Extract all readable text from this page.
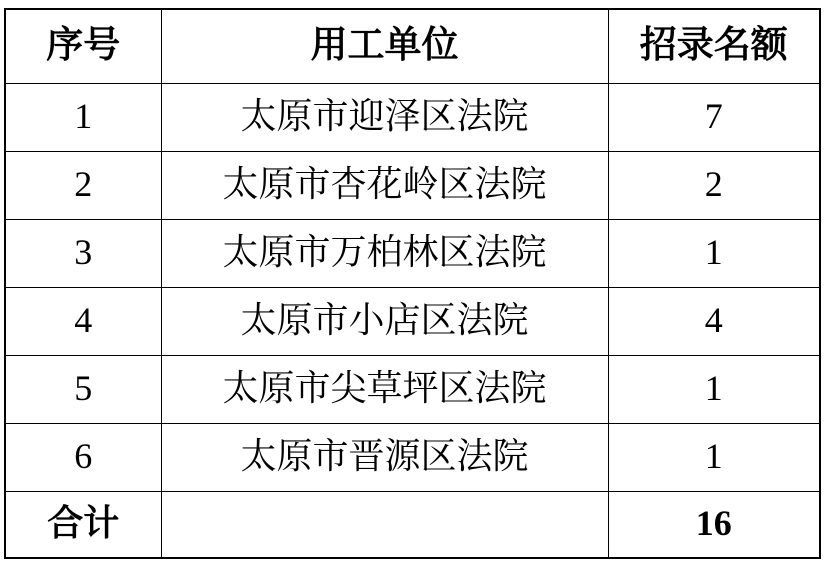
序号	用工单位	招录名额
1	太原市迎泽区法院	7
2	太原市杏花岭区法院	2
3	太原市万柏林区法院	1
4	太原市小店区法院	4
5	太原市尖草坪区法院	1
6	太原市晋源区法院	1
合计		16
